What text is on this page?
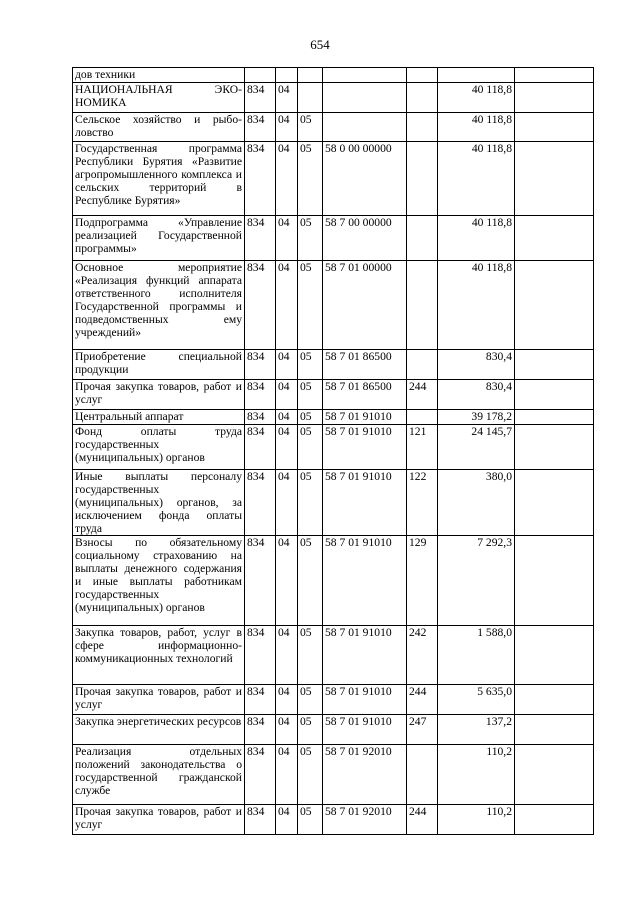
654
дов техники							
НАЦИОНАЛЬНАЯ ЭКО-НОМИКА	834	04				40 118,8	
Сельское хозяйство и рыбо-ловство	834	04	05			40 118,8	
Государственная программа Республики Бурятия «Развитие агропромышленного комплекса и сельских территорий в Республике Бурятия»	834	04	05	58 0 00 00000		40 118,8	
Подпрограмма «Управление реализацией Государственной программы»	834	04	05	58 7 00 00000		40 118,8	
Основное мероприятие «Реализация функций аппарата ответственного исполнителя Государственной программы и подведомственных ему учреждений»	834	04	05	58 7 01 00000		40 118,8	
Приобретение специальной продукции	834	04	05	58 7 01 86500		830,4	
Прочая закупка товаров, работ и услуг	834	04	05	58 7 01 86500	244	830,4	
Центральный аппарат	834	04	05	58 7 01 91010		39 178,2	
Фонд оплаты труда государственных (муниципальных) органов	834	04	05	58 7 01 91010	121	24 145,7	
Иные выплаты персоналу государственных (муниципальных) органов, за исключением фонда оплаты труда	834	04	05	58 7 01 91010	122	380,0	
Взносы по обязательному социальному страхованию на выплаты денежного содержания и иные выплаты работникам государственных (муниципальных) органов	834	04	05	58 7 01 91010	129	7 292,3	
Закупка товаров, работ, услуг в сфере информационно-коммуникационных технологий	834	04	05	58 7 01 91010	242	1 588,0	
Прочая закупка товаров, работ и услуг	834	04	05	58 7 01 91010	244	5 635,0	
Закупка энергетических ресурсов	834	04	05	58 7 01 91010	247	137,2	
Реализация отдельных положений законодательства о государственной гражданской службе	834	04	05	58 7 01 92010		110,2	
Прочая закупка товаров, работ и услуг	834	04	05	58 7 01 92010	244	110,2	
